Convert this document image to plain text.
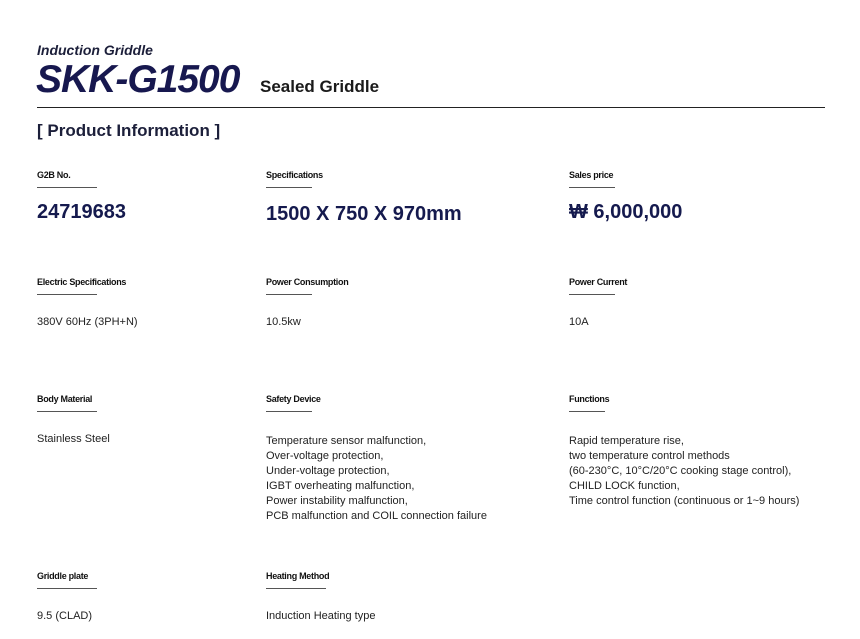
Induction Griddle
SKK-G1500 Sealed Griddle
[ Product Information ]
G2B No.
24719683
Specifications
1500 X 750 X 970mm
Sales price
₩ 6,000,000
Electric Specifications
380V 60Hz (3PH+N)
Power Consumption
10.5kw
Power Current
10A
Body Material
Stainless Steel
Safety Device
Temperature sensor malfunction,
Over-voltage protection,
Under-voltage protection,
IGBT overheating malfunction,
Power instability malfunction,
PCB malfunction and COIL connection failure
Functions
Rapid temperature rise,
two temperature control methods
(60-230°C, 10°C/20°C cooking stage control),
CHILD LOCK function,
Time control function (continuous or 1~9 hours)
Griddle plate
9.5 (CLAD)
Heating Method
Induction Heating type
